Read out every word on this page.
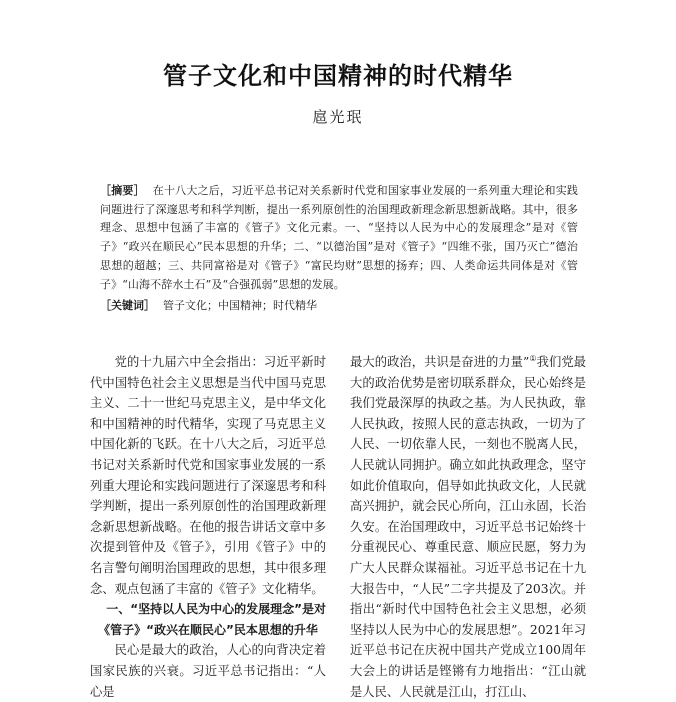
管子文化和中国精神的时代精华
扈光珉
［摘要］ 在十八大之后，习近平总书记对关系新时代党和国家事业发展的一系列重大理论和实践问题进行了深邃思考和科学判断，提出一系列原创性的治国理政新理念新思想新战略。其中，很多理念、思想中包涵了丰富的《管子》文化元素。一、“坚持以人民为中心的发展理念”是对《管子》“政兴在顺民心”民本思想的升华；二、“以德治国”是对《管子》“四维不张，国乃灭亡”德治思想的超越；三、共同富裕是对《管子》“富民均财”思想的扬弃；四、人类命运共同体是对《管子》“山海不辞水土石”及“合强孤弱”思想的发展。
［关键词］ 管子文化；中国精神；时代精华

党的十九届六中全会指出：习近平新时代中国特色社会主义思想是当代中国马克思主义、二十一世纪马克思主义，是中华文化和中国精神的时代精华，实现了马克思主义中国化新的飞跃。在十八大之后，习近平总书记对关系新时代党和国家事业发展的一系列重大理论和实践问题进行了深邃思考和科学判断，提出一系列原创性的治国理政新理念新思想新战略。在他的报告讲话文章中多次提到管仲及《管子》，引用《管子》中的名言警句阐明治国理政的思想，其中很多理念、观点包涵了丰富的《管子》文化精华。

一、“坚持以人民为中心的发展理念”是对
《管子》“政兴在顺民心”民本思想的升华

民心是最大的政治，人心的向背决定着国家民族的兴衰。习近平总书记指出：“人心是

最大的政治，共识是奋进的力量”①我们党最大的政治优势是密切联系群众，民心始终是我们党最深厚的执政之基。为人民执政，靠人民执政，按照人民的意志执政，一切为了人民、一切依靠人民，一刻也不脱离人民，人民就认同拥护。确立如此执政理念，坚守如此价值取向，倡导如此执政文化，人民就高兴拥护，就会民心所向，江山永固，长治久安。在治国理政中，习近平总书记始终十分重视民心、尊重民意、顺应民愿，努力为广大人民群众谋福祉。习近平总书记在十九大报告中，“人民”二字共提及了203次。并指出“新时代中国特色社会主义思想，必须坚持以人民为中心的发展思想”。2021年习近平总书记在庆祝中国共产党成立100周年大会上的讲话是铿锵有力地指出：“江山就是人民、人民就是江山，打江山、
